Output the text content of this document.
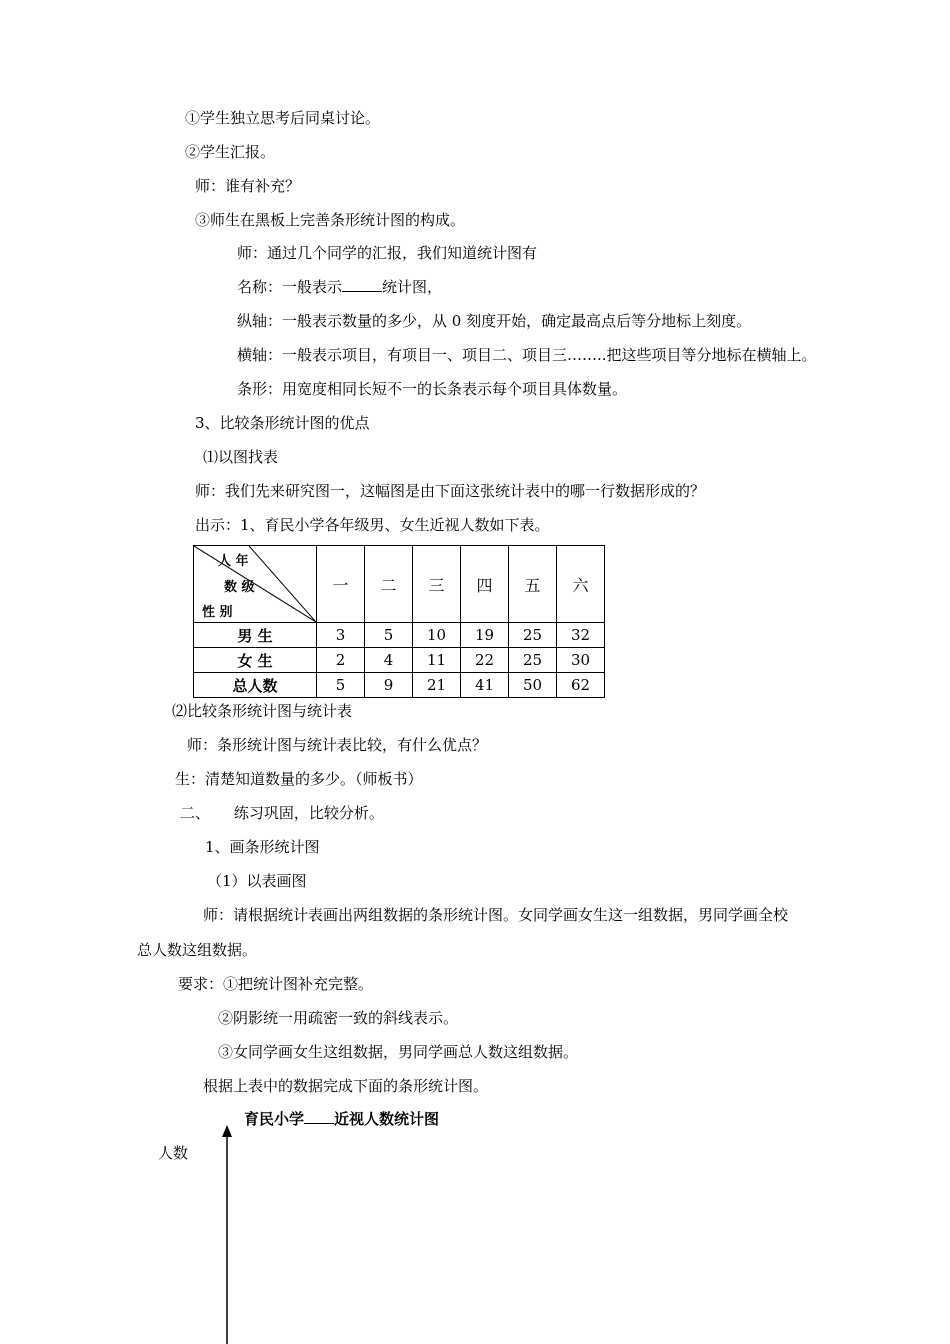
①学生独立思考后同桌讨论。
②学生汇报。
师：谁有补充？
③师生在黑板上完善条形统计图的构成。
师：通过几个同学的汇报，我们知道统计图有
名称：一般表示	统计图，
纵轴：一般表示数量的多少，从 0 刻度开始，确定最高点后等分地标上刻度。
横轴：一般表示项目，有项目一、项目二、项目三……..把这些项目等分地标在横轴上。
条形：用宽度相同长短不一的长条表示每个项目具体数量。
3、比较条形统计图的优点
⑴以图找表
师：我们先来研究图一，这幅图是由下面这张统计表中的哪一行数据形成的？
出示：1、育民小学各年级男、女生近视人数如下表。
人 年
数 级
性 别	一	二	三	四	五	六
男 生	3	5	10	19	25	32
女 生	2	4	11	22	25	30
总人数	5	9	21	41	50	62
⑵比较条形统计图与统计表
师：条形统计图与统计表比较，有什么优点？
生：清楚知道数量的多少。（师板书）
二、     练习巩固，比较分析。
1、画条形统计图
（1）以表画图
师：请根据统计表画出两组数据的条形统计图。女同学画女生这一组数据，男同学画全校
总人数这组数据。
要求：①把统计图补充完整。
②阴影统一用疏密一致的斜线表示。
③女同学画女生这组数据，男同学画总人数这组数据。
根据上表中的数据完成下面的条形统计图。
育民小学 近视人数统计图
人数
